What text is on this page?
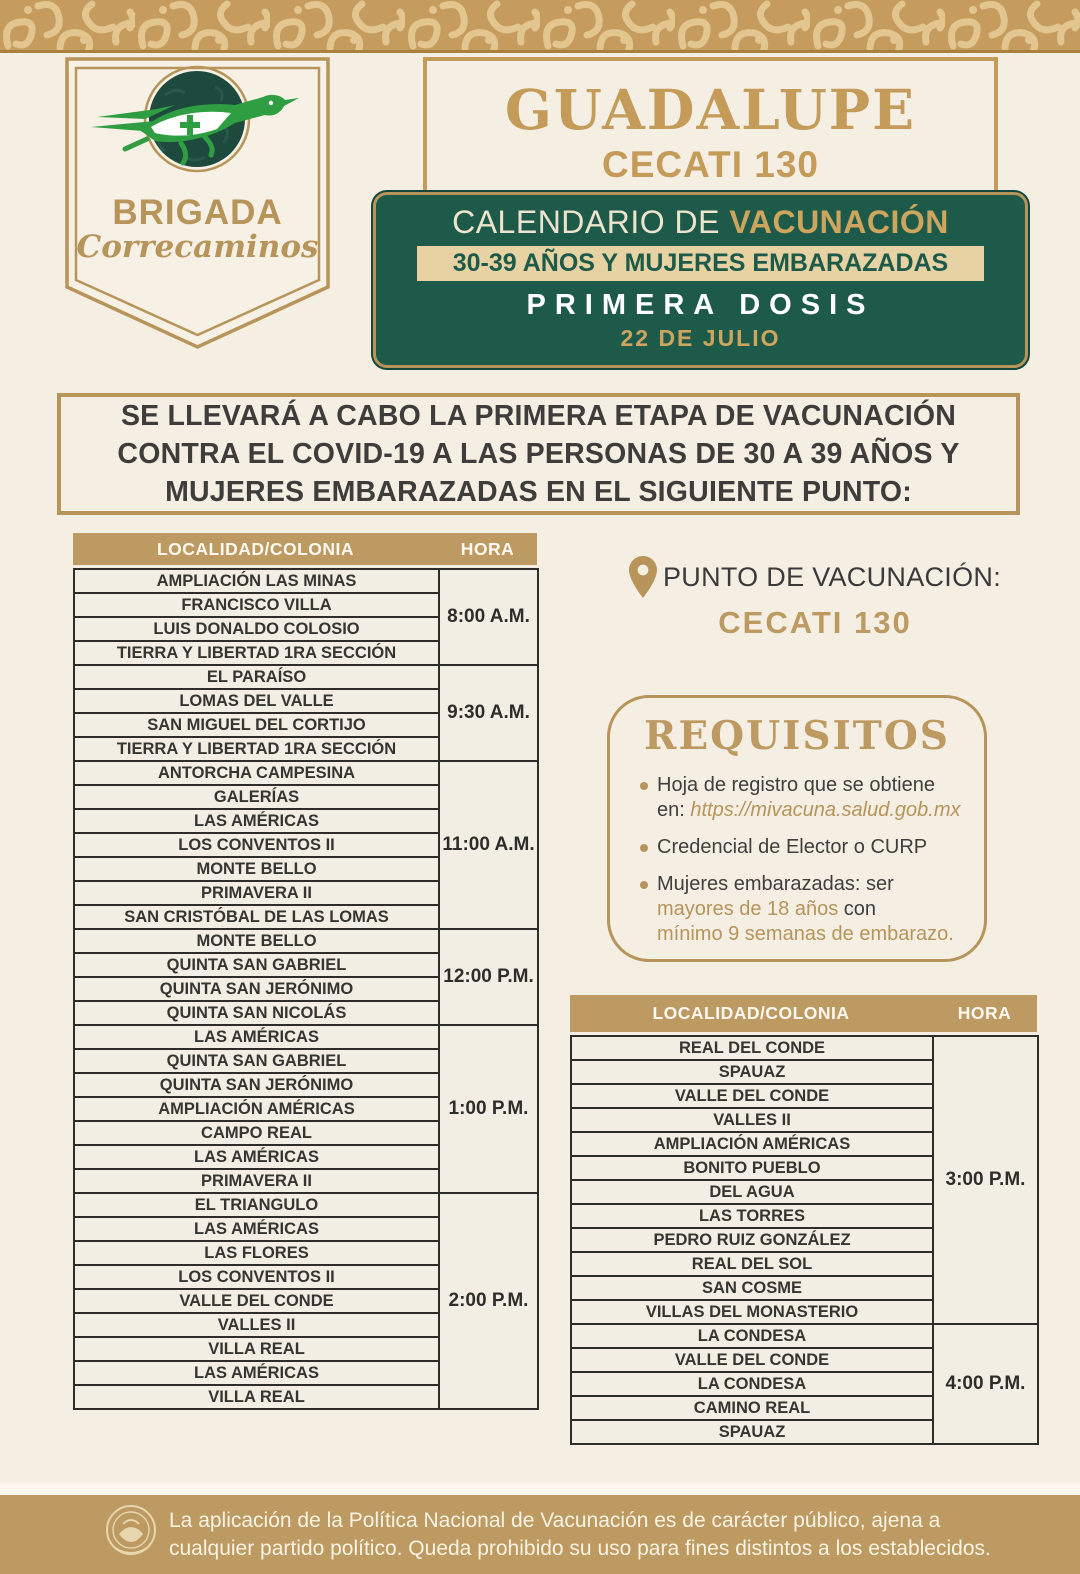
BRIGADA
Correcaminos
GUADALUPE
CECATI 130
CALENDARIO DE VACUNACIÓN
30-39 AÑOS Y MUJERES EMBARAZADAS
PRIMERA DOSIS
22 DE JULIO
SE LLEVARÁ A CABO LA PRIMERA ETAPA DE VACUNACIÓN
CONTRA EL COVID-19 A LAS PERSONAS DE 30 A 39 AÑOS Y
MUJERES EMBARAZADAS EN EL SIGUIENTE PUNTO:
LOCALIDAD/COLONIA	HORA
AMPLIACIÓN LAS MINAS	8:00 A.M.
FRANCISCO VILLA	
LUIS DONALDO COLOSIO	
TIERRA Y LIBERTAD 1RA SECCIÓN	
EL PARAÍSO	9:30 A.M.
LOMAS DEL VALLE	
SAN MIGUEL DEL CORTIJO	
TIERRA Y LIBERTAD 1RA SECCIÓN	
ANTORCHA CAMPESINA	11:00 A.M.
GALERÍAS	
LAS AMÉRICAS	
LOS CONVENTOS II	
MONTE BELLO	
PRIMAVERA II	
SAN CRISTÓBAL DE LAS LOMAS	
MONTE BELLO	12:00 P.M.
QUINTA SAN GABRIEL	
QUINTA SAN JERÓNIMO	
QUINTA SAN NICOLÁS	
LAS AMÉRICAS	1:00 P.M.
QUINTA SAN GABRIEL	
QUINTA SAN JERÓNIMO	
AMPLIACIÓN AMÉRICAS	
CAMPO REAL	
LAS AMÉRICAS	
PRIMAVERA II	
EL TRIANGULO	2:00 P.M.
LAS AMÉRICAS	
LAS FLORES	
LOS CONVENTOS II	
VALLE DEL CONDE	
VALLES II	
VILLA REAL	
LAS AMÉRICAS	
VILLA REAL	
PUNTO DE VACUNACIÓN:
CECATI 130
REQUISITOS
Hoja de registro que se obtiene
en: https://mivacuna.salud.gob.mx
Credencial de Elector o CURP
Mujeres embarazadas: ser
mayores de 18 años con
mínimo 9 semanas de embarazo.
LOCALIDAD/COLONIA	HORA
REAL DEL CONDE	3:00 P.M.
SPAUAZ	
VALLE DEL CONDE	
VALLES II	
AMPLIACIÓN AMÉRICAS	
BONITO PUEBLO	
DEL AGUA	
LAS TORRES	
PEDRO RUIZ GONZÁLEZ	
REAL DEL SOL	
SAN COSME	
VILLAS DEL MONASTERIO	
LA CONDESA	4:00 P.M.
VALLE DEL CONDE	
LA CONDESA	
CAMINO REAL	
SPAUAZ	
La aplicación de la Política Nacional de Vacunación es de carácter público, ajena a
cualquier partido político. Queda prohibido su uso para fines distintos a los establecidos.
